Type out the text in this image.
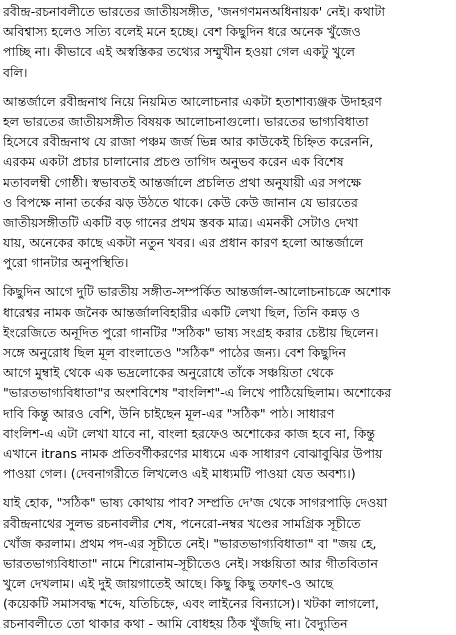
রবীন্দ্র-রচনাবলীতে ভারতের জাতীয়সঙ্গীত, 'জনগণমনঅধিনায়ক' নেই। কথাটা
অবিশ্বাস্য হলেও সত্যি বলেই মনে হচ্ছে। বেশ কিছুদিন ধরে অনেক খুঁজেও
পাচ্ছি না। কীভাবে এই অস্বস্তিকর তথ্যের সম্মুখীন হওয়া গেল একটু খুলে
বলি।
আন্তর্জালে রবীন্দ্রনাথ নিয়ে নিয়মিত আলোচনার একটা হতাশাব্যঞ্জক উদাহরণ
হল ভারতের জাতীয়সঙ্গীত বিষয়ক আলোচনাগুলো। ভারতের ভাগ্যবিধাতা
হিসেবে রবীন্দ্রনাথ যে রাজা পঞ্চম জর্জ ভিন্ন আর কাউকেই চিহ্নিত করেননি,
এরকম একটা প্রচার চালানোর প্রচণ্ড তাগিদ অনুভব করেন এক বিশেষ
মতাবলম্বী গোষ্ঠী। স্বভাবতই আন্তর্জালে প্রচলিত প্রথা অনুযায়ী এর সপক্ষে
ও বিপক্ষে নানা তর্কের ঝড় উঠতে থাকে। কেউ কেউ জানান যে ভারতের
জাতীয়সঙ্গীতটি একটি বড় গানের প্রথম স্তবক মাত্র। এমনকী সেটাও দেখা
যায়, অনেকের কাছে একটা নতুন খবর। এর প্রধান কারণ হলো আন্তর্জালে
পুরো গানটার অনুপস্থিতি।
কিছুদিন আগে দুটি ভারতীয় সঙ্গীত-সম্পর্কিত আন্তর্জাল-আলোচনাচক্রে অশোক
ধারেশ্বর নামক জনৈক আন্তর্জালবিহারীর একটি লেখা ছিল, তিনি কন্নড় ও
ইংরেজিতে অনূদিত পুরো গানটির "সঠিক" ভাষ্য সংগ্রহ করার চেষ্টায় ছিলেন।
সঙ্গে অনুরোধ ছিল মূল বাংলাতেও "সঠিক" পাঠের জন্য। বেশ কিছুদিন
আগে মুম্বাই থেকে এক ভদ্রলোকের অনুরোধে তাঁকে সঞ্চয়িতা থেকে
"ভারতভাগ্যবিধাতা"র অংশবিশেষ "বাংলিশ"-এ লিখে পাঠিয়েছিলাম। অশোকের
দাবি কিন্তু আরও বেশি, উনি চাইছেন মূল-এর "সঠিক" পাঠ। সাধারণ
বাংলিশ-এ এটা লেখা যাবে না, বাংলা হরফেও অশোকের কাজ হবে না, কিন্তু
এখানে itrans নামক প্রতিবর্ণীকরণের মাধ্যমে এক সাধারণ বোঝাবুঝির উপায়
পাওয়া গেল। (দেবনাগরীতে লিখলেও এই মাধ্যমটি পাওয়া যেত অবশ্য।)
যাই হোক, "সঠিক" ভাষ্য কোথায় পাব? সম্প্রতি দে'জ থেকে সাগরপাড়ি দেওয়া
রবীন্দ্রনাথের সুলভ রচনাবলীর শেষ, পনেরো-নম্বর খণ্ডের সামগ্রিক সূচীতে
খোঁজ করলাম। প্রথম পদ-এর সূচীতে নেই। "ভারতভাগ্যবিধাতা" বা "জয় হে,
ভারতভাগ্যবিধাতা" নামে শিরোনাম-সূচীতেও নেই। সঞ্চয়িতা আর গীতবিতান
খুলে দেখলাম। এই দুই জায়গাতেই আছে। কিছু কিছু তফাৎ-ও আছে
(কয়েকটি সমাসবদ্ধ শব্দে, যতিচিহ্নে, এবং লাইনের বিন্যাসে)। খটকা লাগলো,
রচনাবলীতে তো থাকার কথা - আমি বোধহয় ঠিক খুঁজছি না। বৈদ্যুতিন
